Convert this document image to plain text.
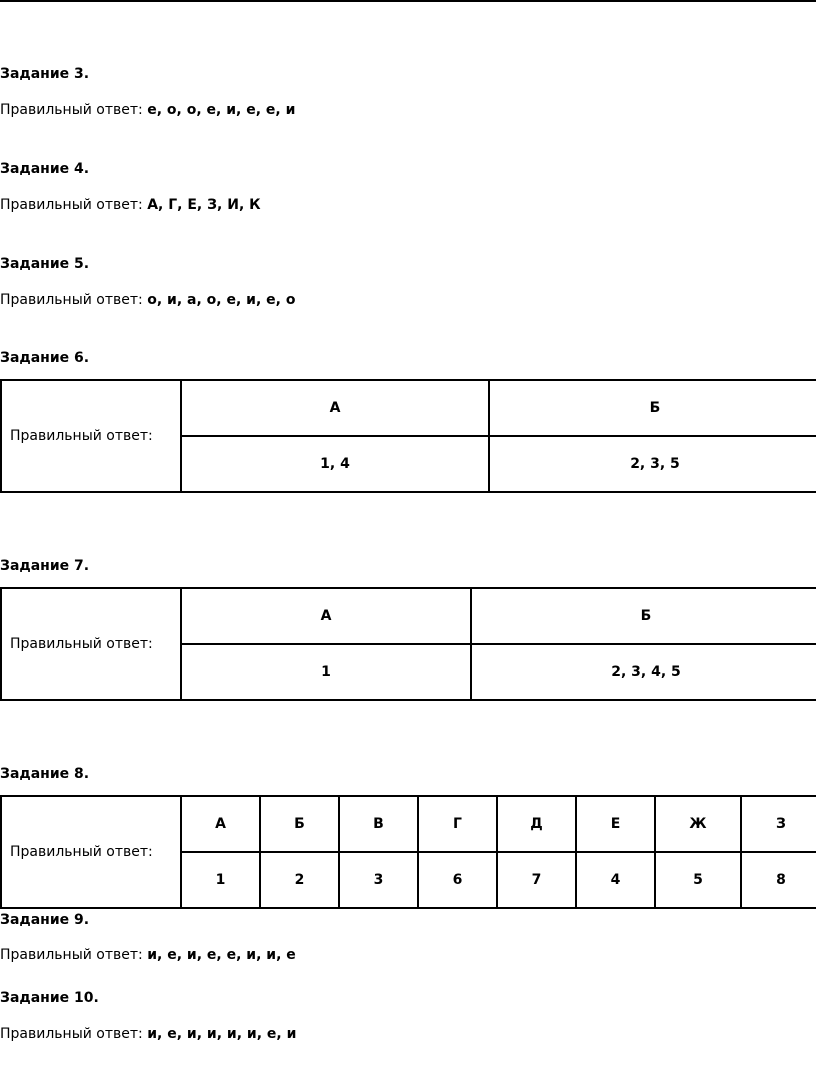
Задание 3.
Правильный ответ: е, о, о, е, и, е, е, и
Задание 4.
Правильный ответ: А, Г, Е, З, И, К
Задание 5.
Правильный ответ: о, и, а, о, е, и, е, о
Задание 6.
Правильный ответ:	А	Б
	1, 4	2, 3, 5
Задание 7.
Правильный ответ:	А	Б
	1	2, 3, 4, 5
Задание 8.
Правильный ответ:	А	Б	В	Г	Д	Е	Ж	З
	1	2	3	6	7	4	5	8
Задание 9.
Правильный ответ: и, е, и, е, е, и, и, е
Задание 10.
Правильный ответ: и, е, и, и, и, и, е, и
